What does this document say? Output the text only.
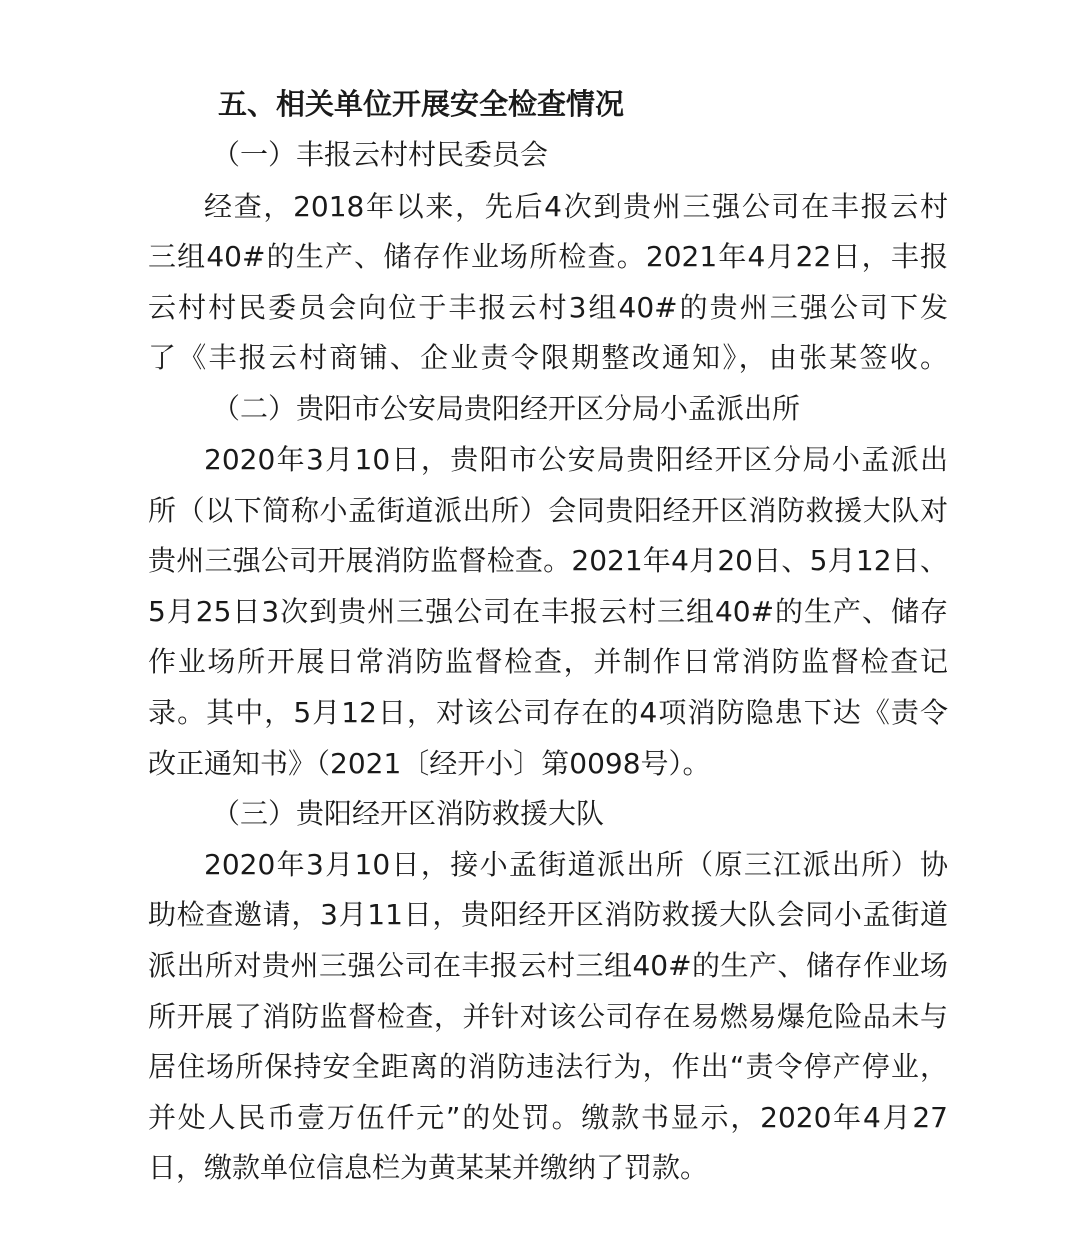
五、相关单位开展安全检查情况
（一）丰报云村村民委员会
经查，2018年以来，先后4次到贵州三强公司在丰报云村
三组40#的生产、储存作业场所检查。2021年4月22日，丰报
云村村民委员会向位于丰报云村3组40#的贵州三强公司下发
了《丰报云村商铺、企业责令限期整改通知》，由张某签收。
（二）贵阳市公安局贵阳经开区分局小孟派出所
2020年3月10日，贵阳市公安局贵阳经开区分局小孟派出
所（以下简称小孟街道派出所）会同贵阳经开区消防救援大队对
贵州三强公司开展消防监督检查。2021年4月20日、5月12日、
5月25日3次到贵州三强公司在丰报云村三组40#的生产、储存
作业场所开展日常消防监督检查，并制作日常消防监督检查记
录。其中，5月12日，对该公司存在的4项消防隐患下达《责令
改正通知书》（2021〔经开小〕第0098号）。
（三）贵阳经开区消防救援大队
2020年3月10日，接小孟街道派出所（原三江派出所）协
助检查邀请，3月11日，贵阳经开区消防救援大队会同小孟街道
派出所对贵州三强公司在丰报云村三组40#的生产、储存作业场
所开展了消防监督检查，并针对该公司存在易燃易爆危险品未与
居住场所保持安全距离的消防违法行为，作出“责令停产停业，
并处人民币壹万伍仟元”的处罚。缴款书显示，2020年4月27
日，缴款单位信息栏为黄某某并缴纳了罚款。
